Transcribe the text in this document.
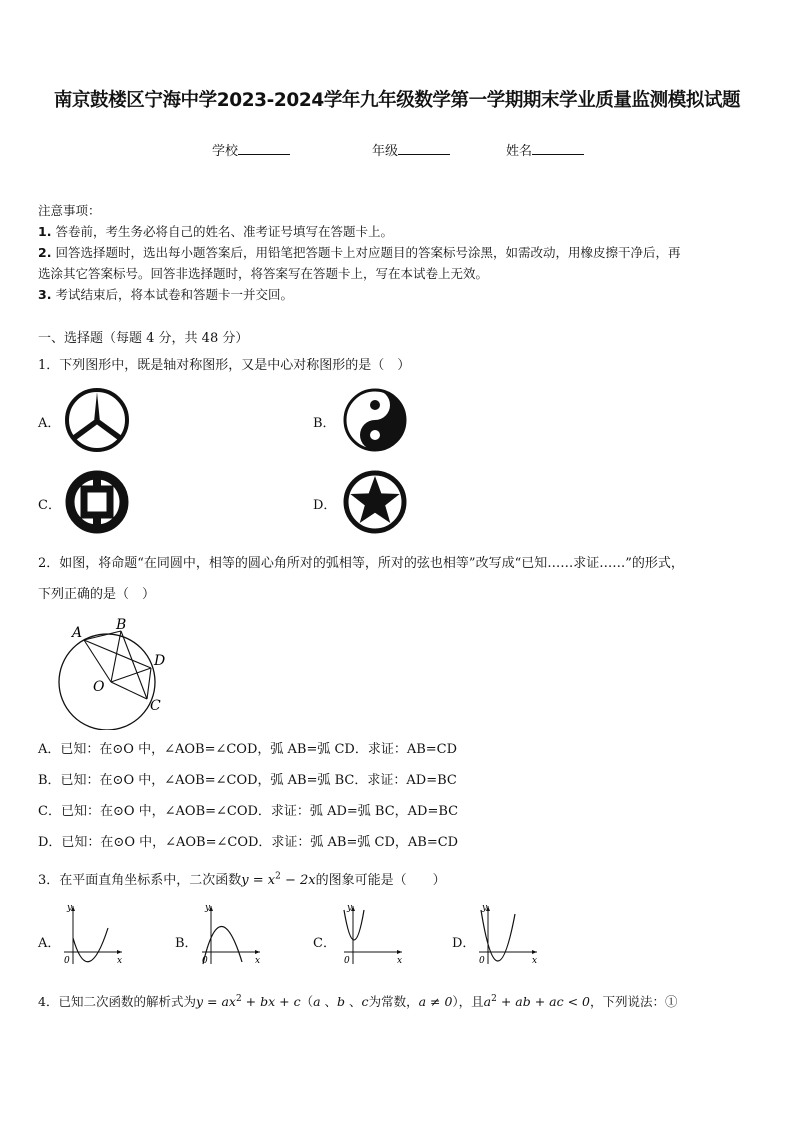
南京鼓楼区宁海中学2023-2024学年九年级数学第一学期期末学业质量监测模拟试题
学校	年级	姓名
注意事项：
1. 答卷前，考生务必将自己的姓名、准考证号填写在答题卡上。
2. 回答选择题时，选出每小题答案后，用铅笔把答题卡上对应题目的答案标号涂黑，如需改动，用橡皮擦干净后，再
选涂其它答案标号。回答非选择题时，将答案写在答题卡上，写在本试卷上无效。
3. 考试结束后，将本试卷和答题卡一并交回。
一、选择题（每题 4 分，共 48 分）
1．下列图形中，既是轴对称图形，又是中心对称图形的是（　）
A．	B．
C．	D．
2．如图，将命题“在同圆中，相等的圆心角所对的弧相等，所对的弦也相等”改写成“已知……求证……”的形式，
下列正确的是（　）
A B
D
O
C
A．已知：在⊙O 中，∠AOB=∠COD，弧 AB=弧 CD．求证：AB=CD
B．已知：在⊙O 中，∠AOB=∠COD，弧 AB=弧 BC．求证：AD=BC
C．已知：在⊙O 中，∠AOB=∠COD．求证：弧 AD=弧 BC，AD=BC
D．已知：在⊙O 中，∠AOB=∠COD．求证：弧 AB=弧 CD，AB=CD
3．在平面直角坐标系中，二次函数$y = x^2 - 2x$的图象可能是（　　）
A．
y
x
0
B．
y
x
0
C．
y
x
0
D．
y
x
0
4．已知二次函数的解析式为$y = ax^2$ + bx + c（a 、b 、c为常数，a ≠ 0），且$a^2$ + ab + ac < 0，下列说法：①
